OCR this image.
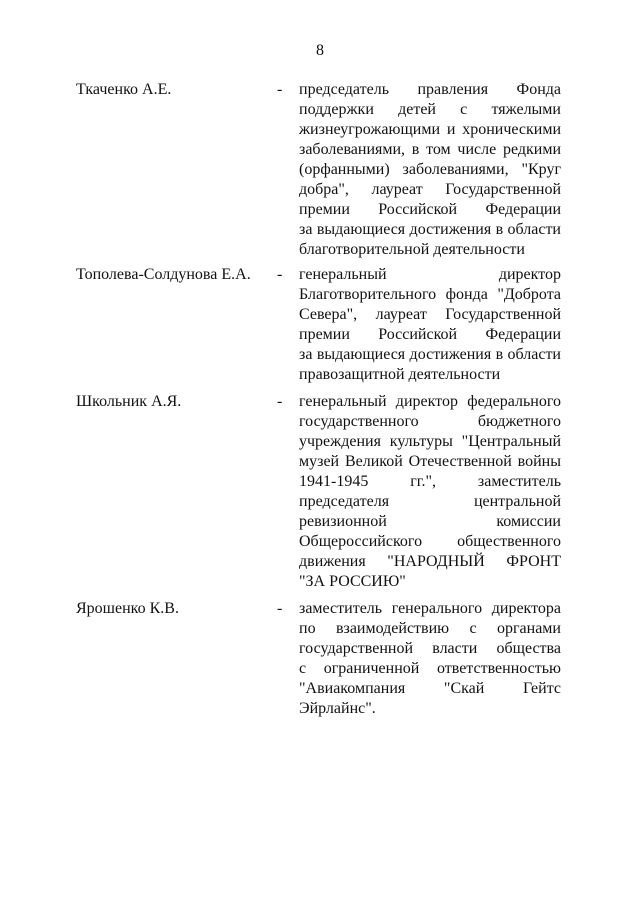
8
Ткаченко А.Е.	- председатель правления Фонда
поддержки детей с тяжелыми
жизнеугрожающими и хроническими
заболеваниями, в том числе редкими
(орфанными) заболеваниями, "Круг
добра", лауреат Государственной
премии Российской Федерации
за выдающиеся достижения в области
благотворительной деятельности
Тополева-Солдунова Е.А. - генеральный директор
Благотворительного фонда "Доброта
Севера", лауреат Государственной
премии Российской Федерации
за выдающиеся достижения в области
правозащитной деятельности
Школьник А.Я.	- генеральный директор федерального
государственного бюджетного
учреждения культуры "Центральный
музей Великой Отечественной войны
1941-1945 гг.", заместитель
председателя центральной
ревизионной комиссии
Общероссийского общественного
движения "НАРОДНЫЙ ФРОНТ
"ЗА РОССИЮ"
Ярошенко К.В.	- заместитель генерального директора
по взаимодействию с органами
государственной власти общества
с ограниченной ответственностью
"Авиакомпания "Скай Гейтс
Эйрлайнс".
